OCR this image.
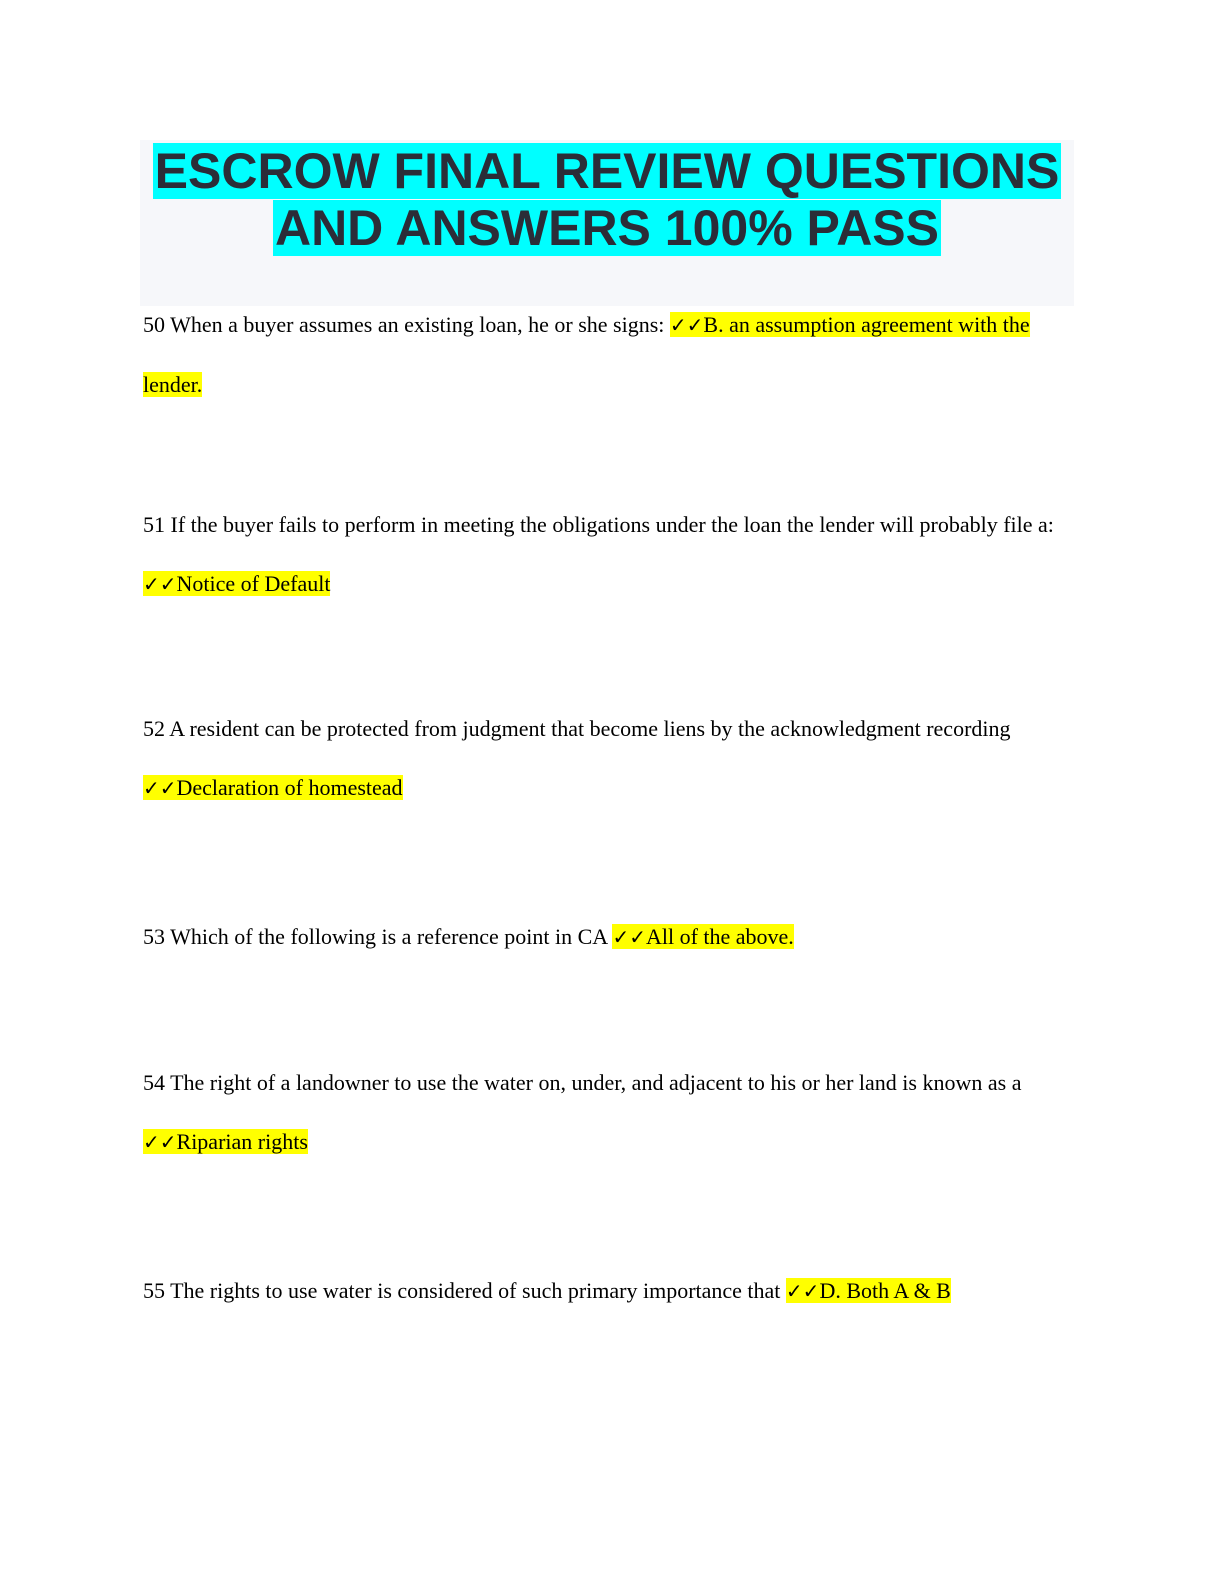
ESCROW FINAL REVIEW QUESTIONS
AND ANSWERS 100% PASS

50 When a buyer assumes an existing loan, he or she signs: ✓✓B. an assumption agreement with the lender.

51 If the buyer fails to perform in meeting the obligations under the loan the lender will probably file a: ✓✓Notice of Default

52 A resident can be protected from judgment that become liens by the acknowledgment recording ✓✓Declaration of homestead

53 Which of the following is a reference point in CA ✓✓All of the above.

54 The right of a landowner to use the water on, under, and adjacent to his or her land is known as a ✓✓Riparian rights

55 The rights to use water is considered of such primary importance that ✓✓D. Both A & B
